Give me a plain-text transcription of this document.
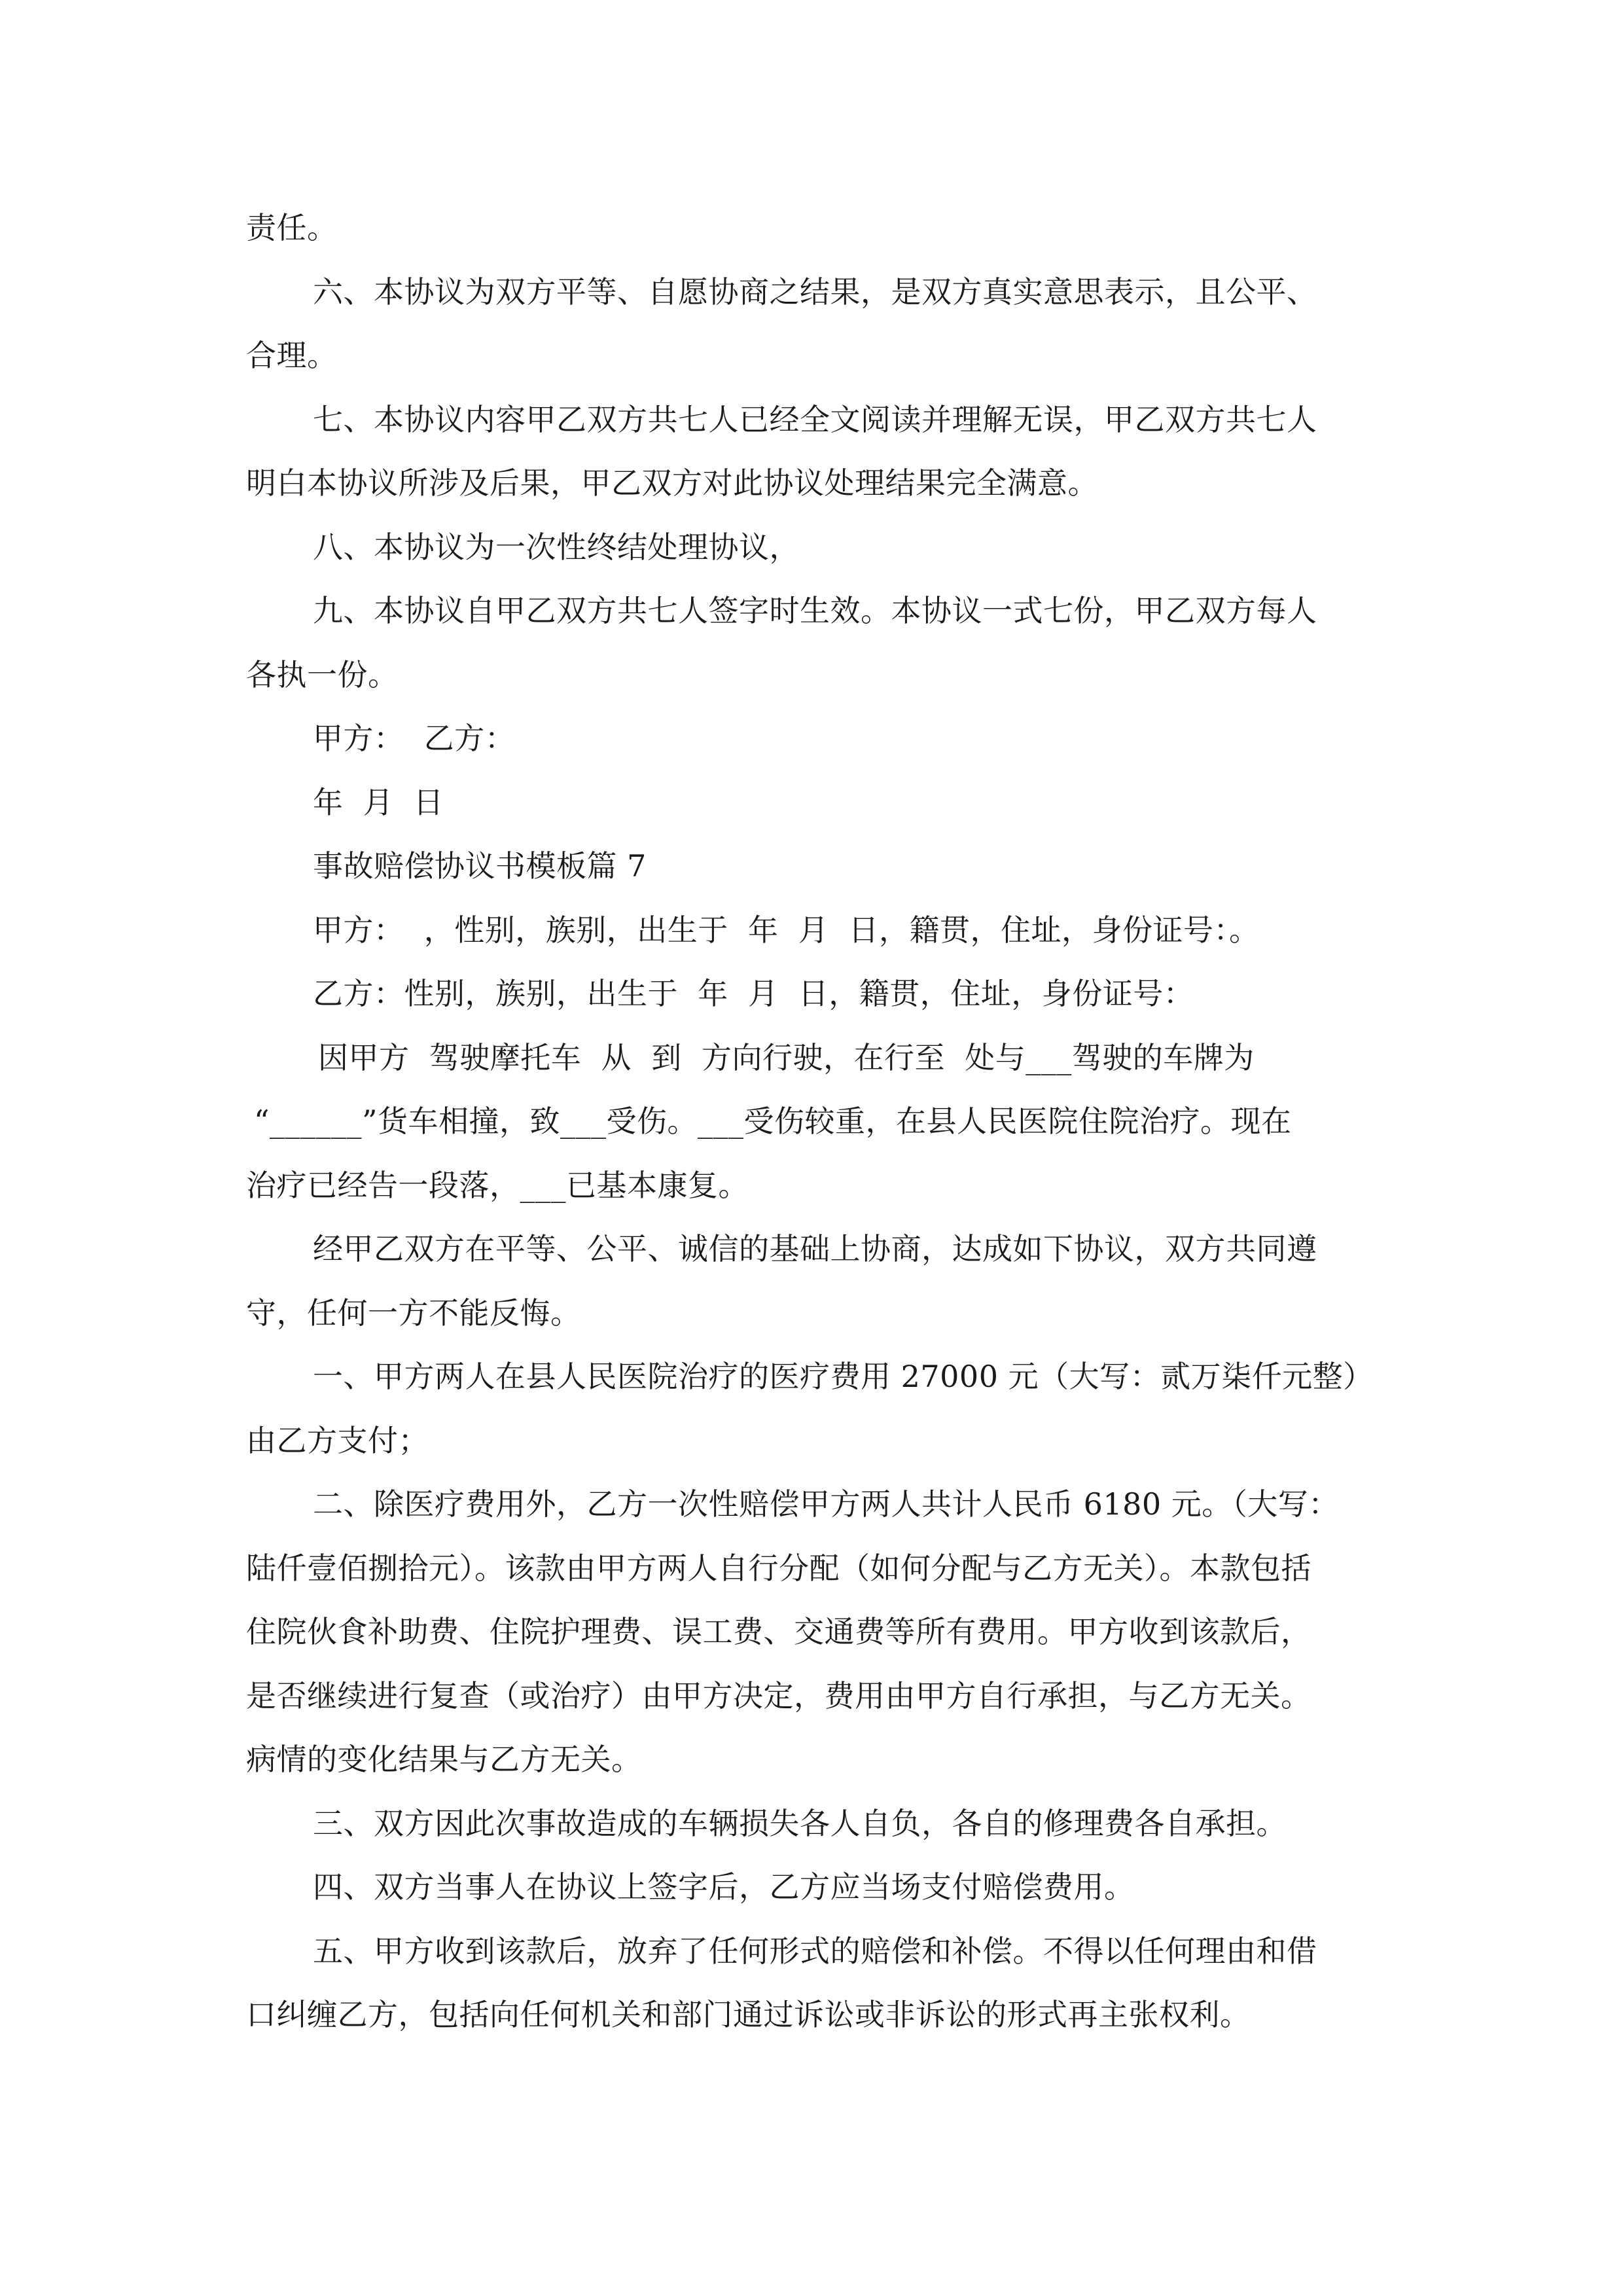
责任。
六、本协议为双方平等、自愿协商之结果，是双方真实意思表示，且公平、
合理。
七、本协议内容甲乙双方共七人已经全文阅读并理解无误，甲乙双方共七人
明白本协议所涉及后果，甲乙双方对此协议处理结果完全满意。
八、本协议为一次性终结处理协议，
九、本协议自甲乙双方共七人签字时生效。本协议一式七份，甲乙双方每人
各执一份。
甲方：  乙方：
年  月  日
事故赔偿协议书模板篇 7
甲方：  ，性别，族别，出生于  年  月  日，籍贯，住址，身份证号：。
乙方：性别，族别，出生于  年  月  日，籍贯，住址，身份证号：
因甲方  驾驶摩托车  从  到  方向行驶，在行至  处与___驾驶的车牌为
“______”货车相撞，致___受伤。___受伤较重，在县人民医院住院治疗。现在
治疗已经告一段落，___已基本康复。
经甲乙双方在平等、公平、诚信的基础上协商，达成如下协议，双方共同遵
守，任何一方不能反悔。
一、甲方两人在县人民医院治疗的医疗费用 27000 元（大写：贰万柒仟元整）
由乙方支付；
二、除医疗费用外，乙方一次性赔偿甲方两人共计人民币 6180 元。（大写：
陆仟壹佰捌拾元）。该款由甲方两人自行分配（如何分配与乙方无关）。本款包括
住院伙食补助费、住院护理费、误工费、交通费等所有费用。甲方收到该款后，
是否继续进行复查（或治疗）由甲方决定，费用由甲方自行承担，与乙方无关。
病情的变化结果与乙方无关。
三、双方因此次事故造成的车辆损失各人自负，各自的修理费各自承担。
四、双方当事人在协议上签字后，乙方应当场支付赔偿费用。
五、甲方收到该款后，放弃了任何形式的赔偿和补偿。不得以任何理由和借
口纠缠乙方，包括向任何机关和部门通过诉讼或非诉讼的形式再主张权利。
